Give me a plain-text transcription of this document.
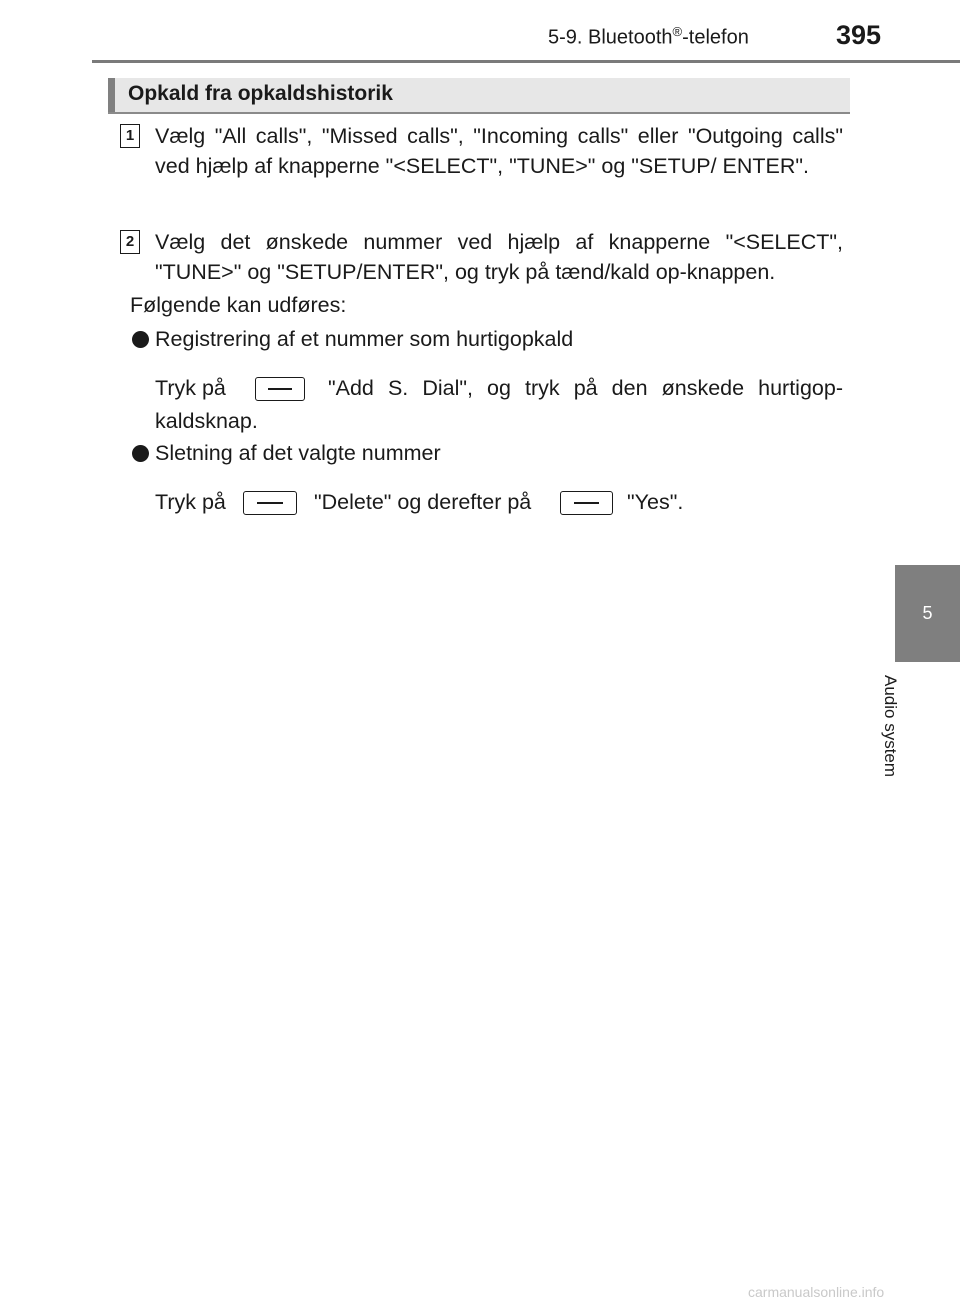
5-9. Bluetooth®-telefon	395
5
Audio system
Opkald fra opkaldshistorik
1 Vælg "All calls", "Missed calls", "Incoming calls" eller "Outgoing calls" ved hjælp af knapperne "<SELECT", "TUNE>" og "SETUP/ ENTER".
2 Vælg det ønskede nummer ved hjælp af knapperne "<SELECT", "TUNE>" og "SETUP/ENTER", og tryk på tænd/kald op-knappen.
Følgende kan udføres:
Registrering af et nummer som hurtigopkald
Tryk på	"Add S. Dial", og tryk på den ønskede hurtigop-
kaldsknap.
Sletning af det valgte nummer
Tryk på	"Delete" og derefter på	"Yes".
carmanualsonline.info
